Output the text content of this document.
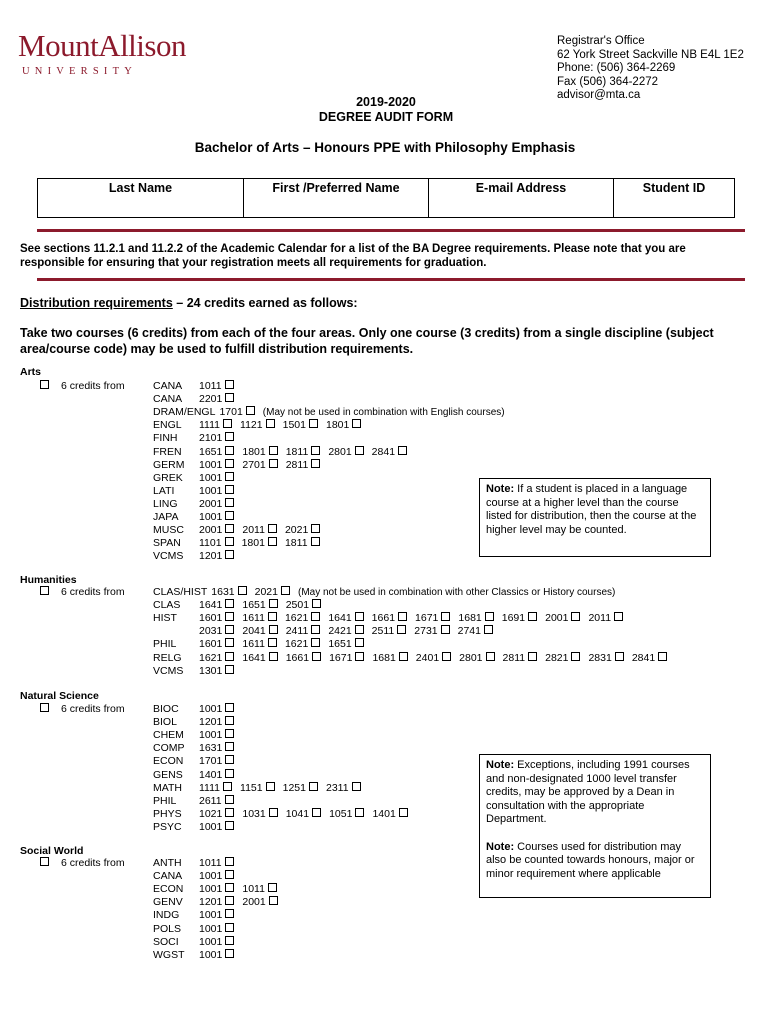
MountAllison
UNIVERSITY
Registrar's Office
62 York Street Sackville NB E4L 1E2
Phone: (506) 364-2269
Fax (506) 364-2272
advisor@mta.ca
2019-2020
DEGREE AUDIT FORM
Bachelor of Arts – Honours PPE with Philosophy Emphasis
Last Name	First /Preferred Name	E-mail Address	Student ID
See sections 11.2.1 and 11.2.2 of the Academic Calendar for a list of the BA Degree requirements. Please note that you are responsible for ensuring that your registration meets all requirements for graduation.
Distribution requirements – 24 credits earned as follows:
Take two courses (6 credits) from each of the four areas. Only one course (3 credits) from a single discipline (subject area/course code) may be used to fulfill distribution requirements.
Arts
6 credits from	CANA 1011
CANA 2201
DRAM/ENGL 1701 (May not be used in combination with English courses)
ENGL 1111 1121 1501 1801
FINH 2101
FREN 1651 1801 1811 2801 2841
GERM 1001 2701 2811
GREK 1001
LATI 1001
LING 2001
JAPA 1001
MUSC 2001 2011 2021
SPAN 1101 1801 1811
VCMS 1201
Humanities
6 credits from	CLAS/HIST 1631 2021 (May not be used in combination with other Classics or History courses)
CLAS 1641 1651 2501
HIST 1601 1611 1621 1641 1661 1671 1681 1691 2001 2011
2031 2041 2411 2421 2511 2731 2741
PHIL 1601 1611 1621 1651
RELG 1621 1641 1661 1671 1681 2401 2801 2811 2821 2831 2841
VCMS 1301
Natural Science
6 credits from	BIOC 1001
BIOL 1201
CHEM 1001
COMP 1631
ECON 1701
GENS 1401
MATH 1111 1151 1251 2311
PHIL 2611
PHYS 1021 1031 1041 1051 1401
PSYC 1001
Social World
6 credits from	ANTH 1011
CANA 1001
ECON 1001 1011
GENV 1201 2001
INDG 1001
POLS 1001
SOCI 1001
WGST 1001
Note: If a student is placed in a language course at a higher level than the course listed for distribution, then the course at the higher level may be counted.
Note: Exceptions, including 1991 courses and non-designated 1000 level transfer credits, may be approved by a Dean in consultation with the appropriate Department.

Note: Courses used for distribution may also be counted towards honours, major or minor requirement where applicable
